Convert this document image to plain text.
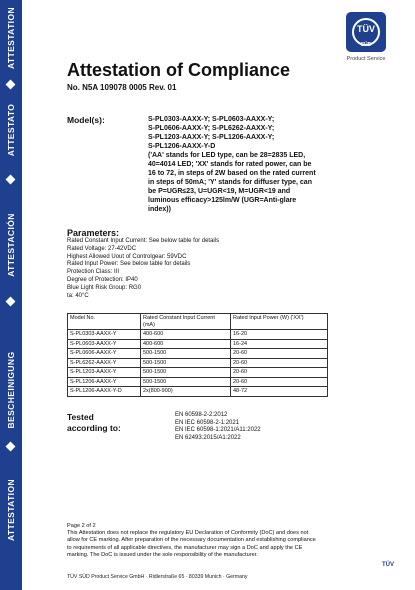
ATTESTATION
ATTESTATO
ATTESTACIÓN
BESCHEINIGUNG
ATTESTATION
TÜV
SÜD
Product Service
Attestation of Compliance
No. N5A 109078 0005 Rev. 01
Model(s):	S-PL0303-AAXX-Y; S-PL0603-AAXX-Y;
S-PL0606-AAXX-Y; S-PL6262-AAXX-Y;
S-PL1203-AAXX-Y; S-PL1206-AAXX-Y;
S-PL1206-AAXX-Y-D
('AA' stands for LED type, can be 28=2835 LED,
40=4014 LED; 'XX' stands for rated power, can be
16 to 72, in steps of 2W based on the rated current
in steps of 50mA; 'Y' stands for diffuser type, can
be P=UGR≤23, U=UGR<19, M=UGR<19 and
luminous efficacy>125lm/W (UGR=Anti-glare
index))
Parameters:
Rated Constant Input Current: See below table for details
Rated Voltage: 27-42VDC
Highest Allowed Uout of Controlgear: 59VDC
Rated Input Power: See below table for details
Protection Class: III
Degree of Protection: IP40
Blue Light Risk Group: RG0
ta: 40°C
Model No.	Rated Constant Input Current (mA)	Rated Input Power (W) ('XX')
S-PL0303-AAXX-Y	400-600	16-20
S-PL0603-AAXX-Y	400-600	16-24
S-PL0606-AAXX-Y	500-1500	20-60
S-PL6262-AAXX-Y	500-1500	20-60
S-PL1203-AAXX-Y	500-1500	20-60
S-PL1206-AAXX-Y	500-1500	20-60
S-PL1206-AAXX-Y-D	2x(800-900)	48-72
Tested
according to:
EN 60598-2-2:2012
EN IEC 60598-2-1:2021
EN IEC 60598-1:2021/A11:2022
EN 62493:2015/A1:2022
Page 2 of 2
This Attestation does not replace the regulatory EU Declaration of Conformity (DoC) and does not
allow for CE marking. After preparation of the necessary documentation and establishing compliance
to requirements of all applicable directives, the manufacturer may sign a DoC and apply the CE
marking. The DoC is issued under the sole responsibility of the manufacturer.
TÜV SÜD Product Service GmbH · Ridlerstraße 65 · 80339 Munich · Germany
TÜV
